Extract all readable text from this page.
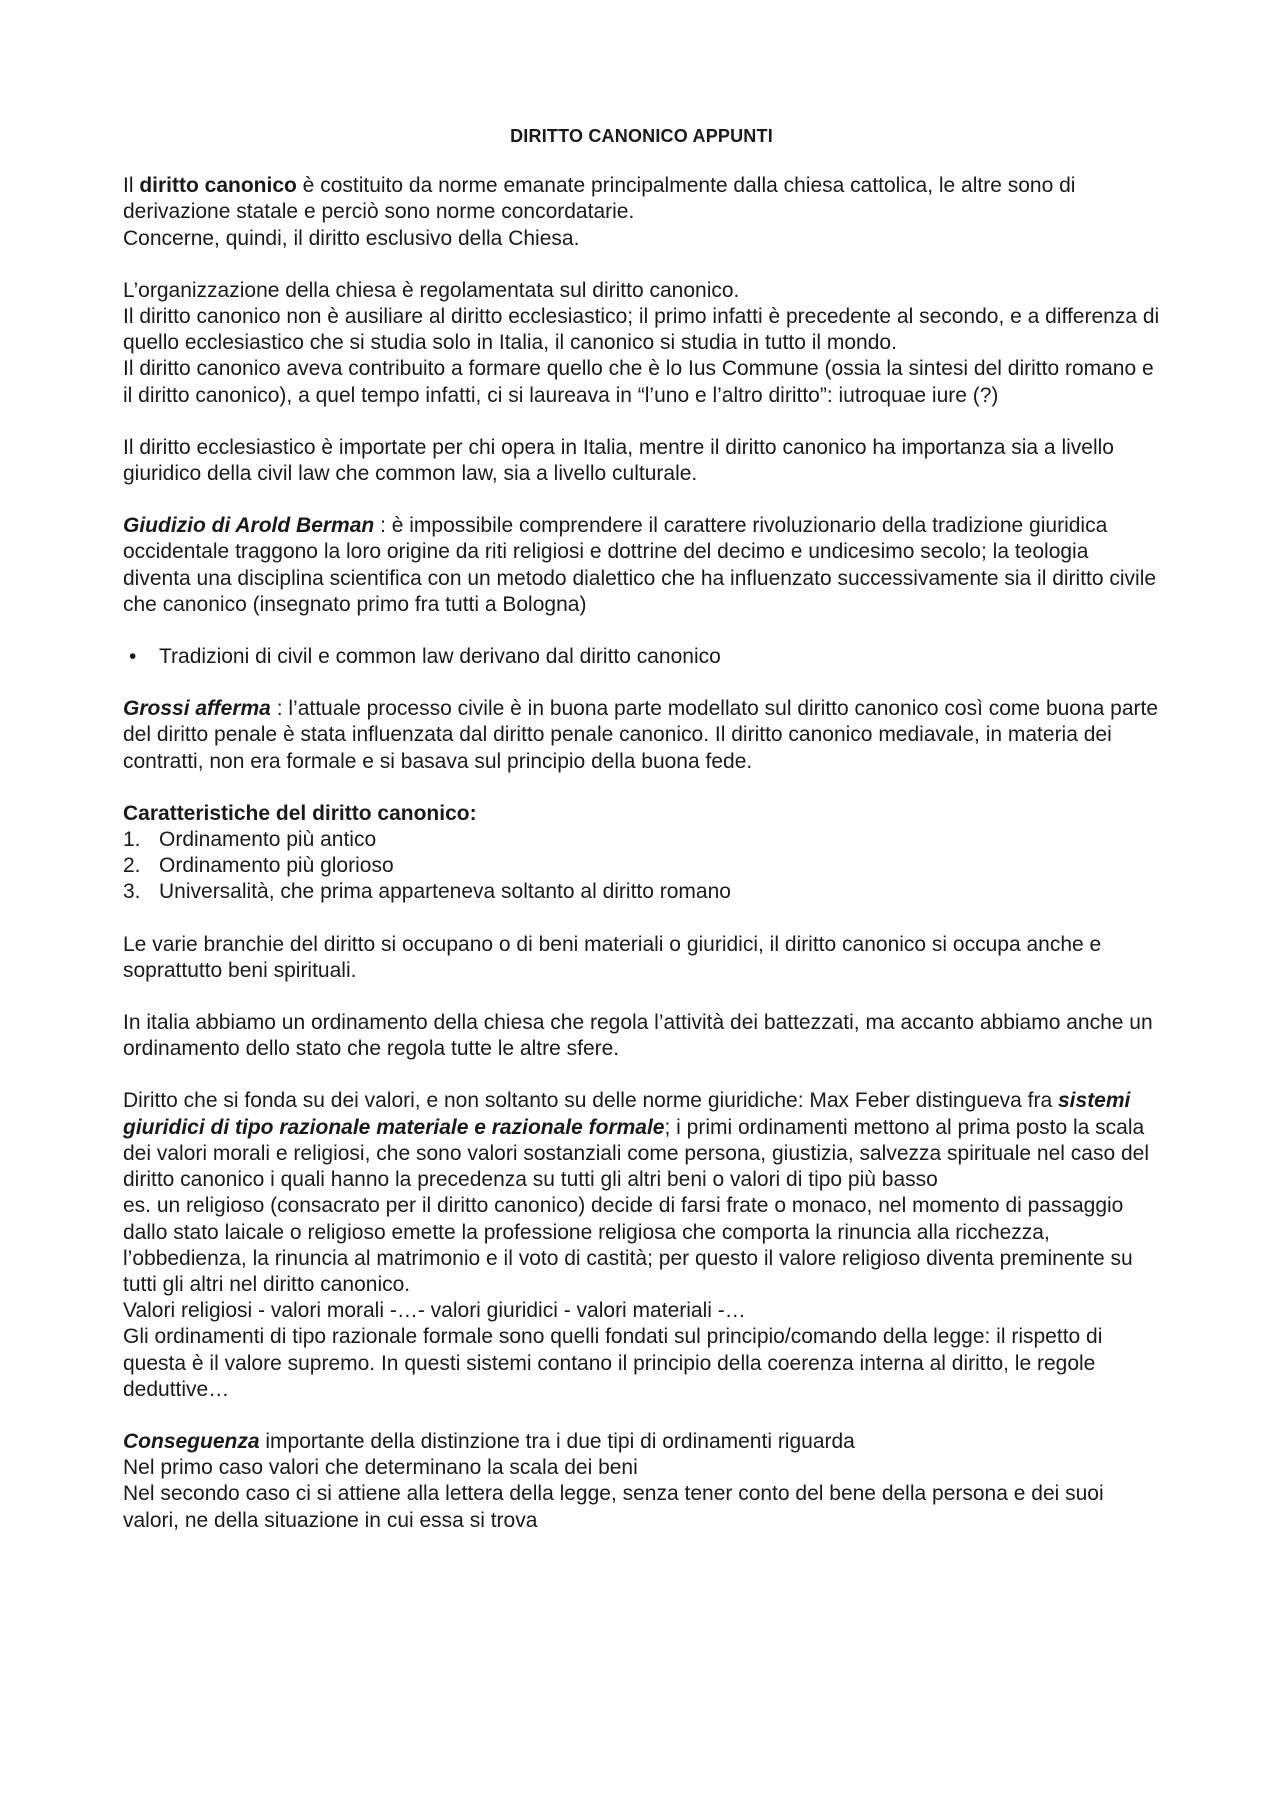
DIRITTO CANONICO APPUNTI

Il diritto canonico è costituito da norme emanate principalmente dalla chiesa cattolica, le altre sono di derivazione statale e perciò sono norme concordatarie.
Concerne, quindi, il diritto esclusivo della Chiesa.

L’organizzazione della chiesa è regolamentata sul diritto canonico.
Il diritto canonico non è ausiliare al diritto ecclesiastico; il primo infatti è precedente al secondo, e a differenza di quello ecclesiastico che si studia solo in Italia, il canonico si studia in tutto il mondo.
Il diritto canonico aveva contribuito a formare quello che è lo Ius Commune (ossia la sintesi del diritto romano e il diritto canonico), a quel tempo infatti, ci si laureava in “l’uno e l’altro diritto”: iutroquae iure (?)

Il diritto ecclesiastico è importate per chi opera in Italia, mentre il diritto canonico ha importanza sia a livello giuridico della civil law che common law, sia a livello culturale.

Giudizio di Arold Berman : è impossibile comprendere il carattere rivoluzionario della tradizione giuridica occidentale traggono la loro origine da riti religiosi e dottrine del decimo e undicesimo secolo; la teologia diventa una disciplina scientifica con un metodo dialettico che ha influenzato successivamente sia il diritto civile che canonico (insegnato primo fra tutti a Bologna)

• Tradizioni di civil e common law derivano dal diritto canonico

Grossi afferma : l’attuale processo civile è in buona parte modellato sul diritto canonico così come buona parte del diritto penale è stata influenzata dal diritto penale canonico. Il diritto canonico mediavale, in materia dei contratti, non era formale e si basava sul principio della buona fede.

Caratteristiche del diritto canonico:
1. Ordinamento più antico
2. Ordinamento più glorioso
3. Universalità, che prima apparteneva soltanto al diritto romano

Le varie branchie del diritto si occupano o di beni materiali o giuridici, il diritto canonico si occupa anche e soprattutto beni spirituali.

In italia abbiamo un ordinamento della chiesa che regola l’attività dei battezzati, ma accanto abbiamo anche un ordinamento dello stato che regola tutte le altre sfere.

Diritto che si fonda su dei valori, e non soltanto su delle norme giuridiche: Max Feber distingueva fra sistemi giuridici di tipo razionale materiale e razionale formale; i primi ordinamenti mettono al prima posto la scala dei valori morali e religiosi, che sono valori sostanziali come persona, giustizia, salvezza spirituale nel caso del diritto canonico i quali hanno la precedenza su tutti gli altri beni o valori di tipo più basso
es. un religioso (consacrato per il diritto canonico) decide di farsi frate o monaco, nel momento di passaggio dallo stato laicale o religioso emette la professione religiosa che comporta la rinuncia alla ricchezza, l’obbedienza, la rinuncia al matrimonio e il voto di castità; per questo il valore religioso diventa preminente su tutti gli altri nel diritto canonico.
Valori religiosi - valori morali -…- valori giuridici - valori materiali -…
Gli ordinamenti di tipo razionale formale sono quelli fondati sul principio/comando della legge: il rispetto di questa è il valore supremo. In questi sistemi contano il principio della coerenza interna al diritto, le regole deduttive…

Conseguenza importante della distinzione tra i due tipi di ordinamenti riguarda
Nel primo caso valori che determinano la scala dei beni
Nel secondo caso ci si attiene alla lettera della legge, senza tener conto del bene della persona e dei suoi valori, ne della situazione in cui essa si trova
